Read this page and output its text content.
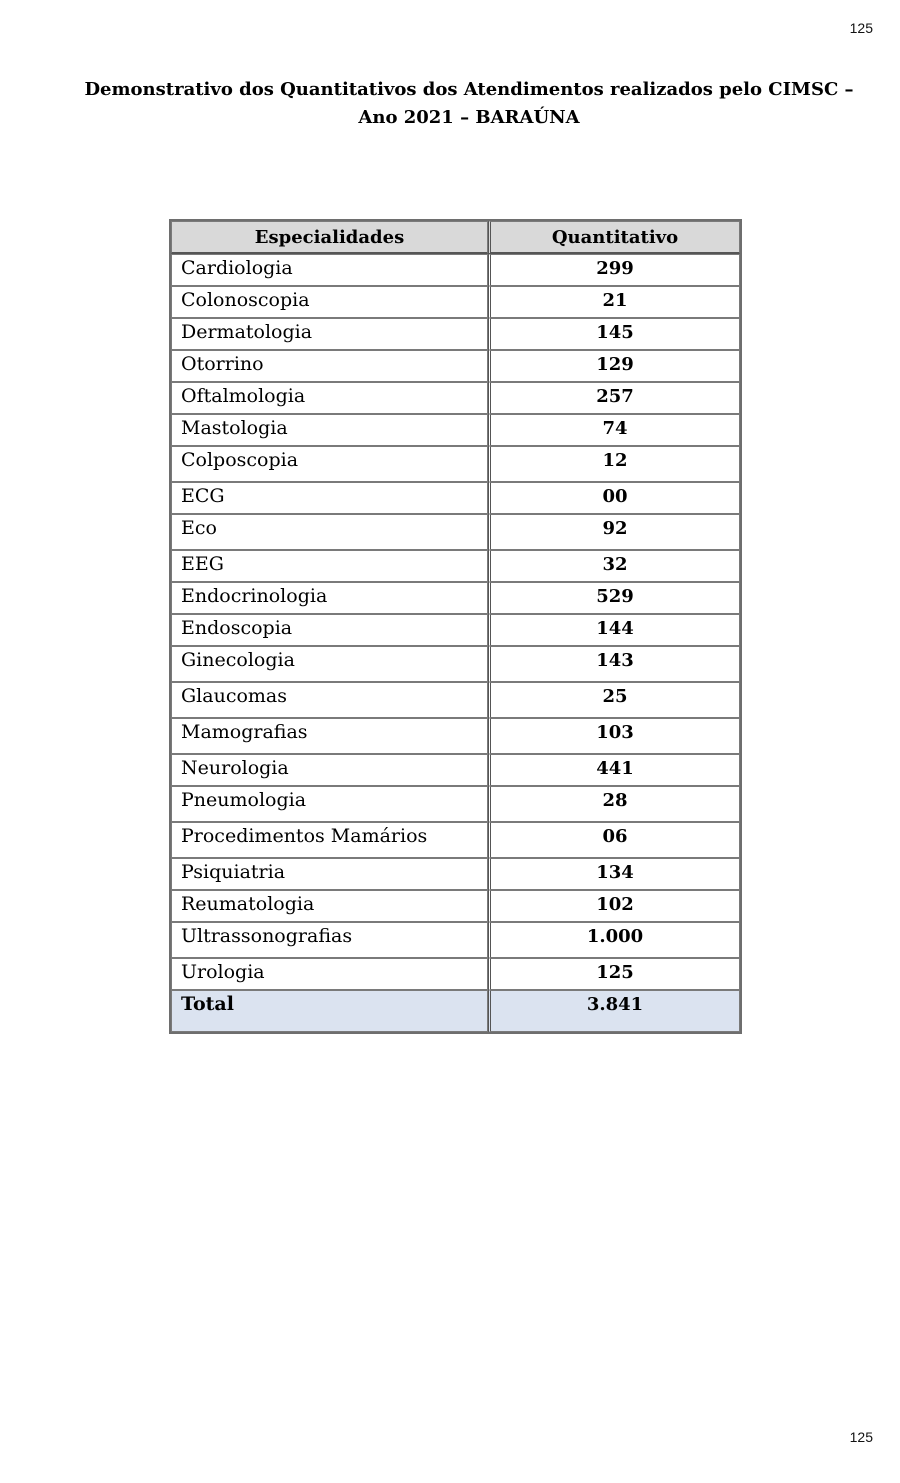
125
Demonstrativo dos Quantitativos dos Atendimentos realizados pelo CIMSC –
Ano 2021 – BARAÚNA
Especialidades	Quantitativo
Cardiologia	299
Colonoscopia	21
Dermatologia	145
Otorrino	129
Oftalmologia	257
Mastologia	74
Colposcopia	12
ECG	00
Eco	92
EEG	32
Endocrinologia	529
Endoscopia	144
Ginecologia	143
Glaucomas	25
Mamografias	103
Neurologia	441
Pneumologia	28
Procedimentos Mamários	06
Psiquiatria	134
Reumatologia	102
Ultrassonografias	1.000
Urologia	125
Total	3.841
125
